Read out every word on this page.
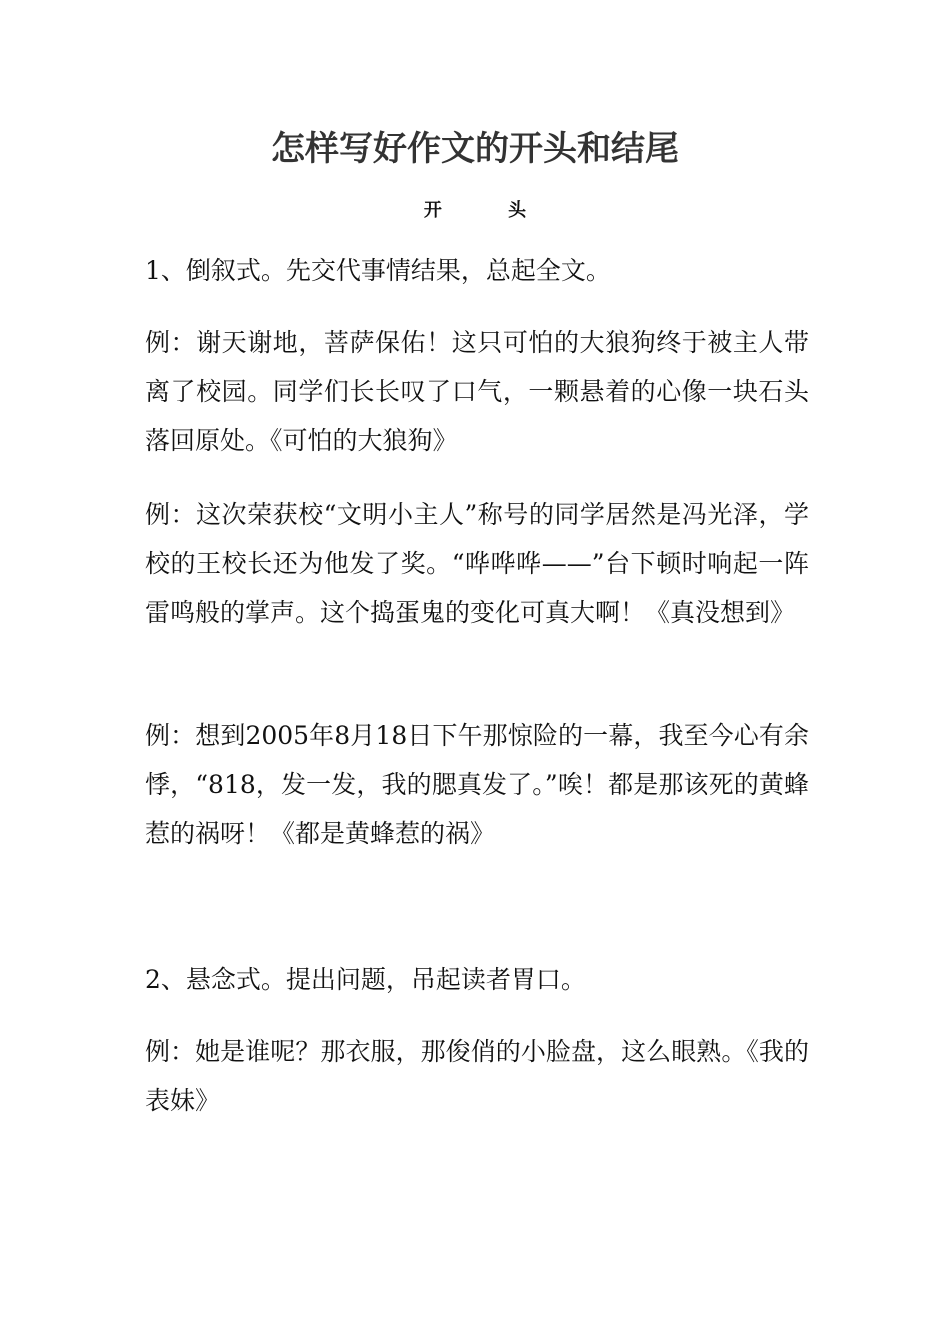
怎样写好作文的开头和结尾
开 头

1、倒叙式。先交代事情结果，总起全文。

例：谢天谢地，菩萨保佑！这只可怕的大狼狗终于被主人带离了校园。同学们长长叹了口气，一颗悬着的心像一块石头落回原处。《可怕的大狼狗》

例：这次荣获校“文明小主人”称号的同学居然是冯光泽，学校的王校长还为他发了奖。“哗哗哗——”台下顿时响起一阵雷鸣般的掌声。这个捣蛋鬼的变化可真大啊！《真没想到》

例：想到2005年8月18日下午那惊险的一幕，我至今心有余悸，“818，发一发，我的腮真发了。”唉！都是那该死的黄蜂惹的祸呀！《都是黄蜂惹的祸》

2、悬念式。提出问题，吊起读者胃口。

例：她是谁呢？那衣服，那俊俏的小脸盘，这么眼熟。《我的表妹》
